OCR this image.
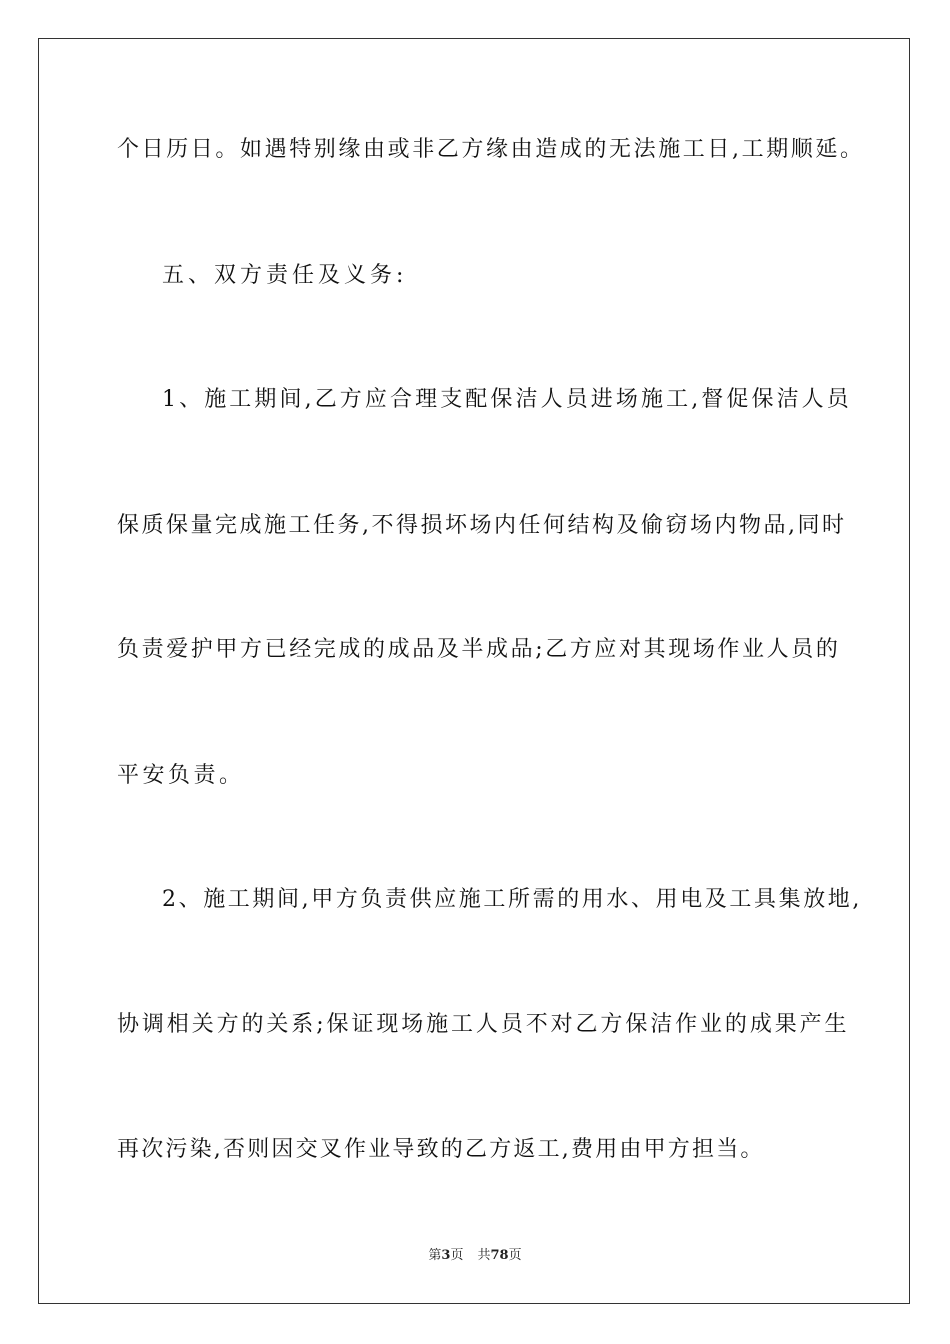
个日历日。如遇特别缘由或非乙方缘由造成的无法施工日,工期顺延。
五、双方责任及义务:
1、施工期间,乙方应合理支配保洁人员进场施工,督促保洁人员
保质保量完成施工任务,不得损坏场内任何结构及偷窃场内物品,同时
负责爱护甲方已经完成的成品及半成品;乙方应对其现场作业人员的
平安负责。
2、施工期间,甲方负责供应施工所需的用水、用电及工具集放地,
协调相关方的关系;保证现场施工人员不对乙方保洁作业的成果产生
再次污染,否则因交叉作业导致的乙方返工,费用由甲方担当。
第3页 共78页
